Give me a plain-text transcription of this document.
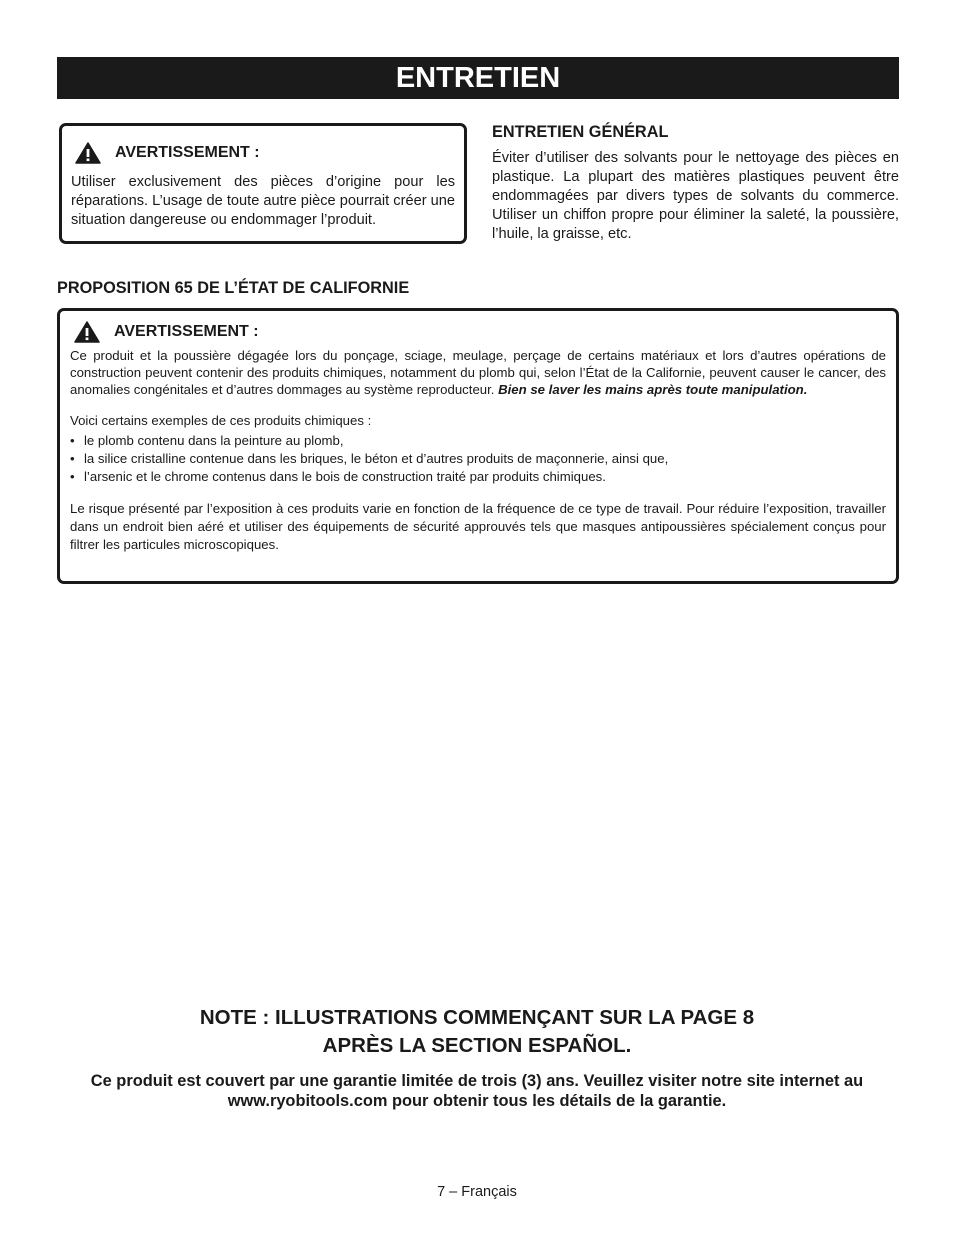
ENTRETIEN
AVERTISSEMENT :

Utiliser exclusivement des pièces d’origine pour les réparations. L’usage de toute autre pièce pourrait créer une situation dangereuse ou endommager l’produit.

ENTRETIEN GÉNÉRAL

Éviter d’utiliser des solvants pour le nettoyage des pièces en plastique. La plupart des matières plastiques peuvent être endommagées par divers types de solvants du commerce. Utiliser un chiffon propre pour éliminer la saleté, la poussière, l’huile, la graisse, etc.

PROPOSITION 65 DE L’ÉTAT DE CALIFORNIE
AVERTISSEMENT :

Ce produit et la poussière dégagée lors du ponçage, sciage, meulage, perçage de certains matériaux et lors d’autres opérations de construction peuvent contenir des produits chimiques, notamment du plomb qui, selon l’État de la Californie, peuvent causer le cancer, des anomalies congénitales et d’autres dommages au système reproducteur. Bien se laver les mains après toute manipulation.

Voici certains exemples de ces produits chimiques :

• le plomb contenu dans la peinture au plomb,
• la silice cristalline contenue dans les briques, le béton et d’autres produits de maçonnerie, ainsi que,
• l’arsenic et le chrome contenus dans le bois de construction traité par produits chimiques.

Le risque présenté par l’exposition à ces produits varie en fonction de la fréquence de ce type de travail. Pour réduire l’exposition, travailler dans un endroit bien aéré et utiliser des équipements de sécurité approuvés tels que masques antipoussières spécialement conçus pour filtrer les particules microscopiques.

NOTE : ILLUSTRATIONS COMMENÇANT SUR LA PAGE 8
APRÈS LA SECTION ESPAÑOL.
Ce produit est couvert par une garantie limitée de trois (3) ans. Veuillez visiter notre site internet au www.ryobitools.com pour obtenir tous les détails de la garantie.
7 – Français
